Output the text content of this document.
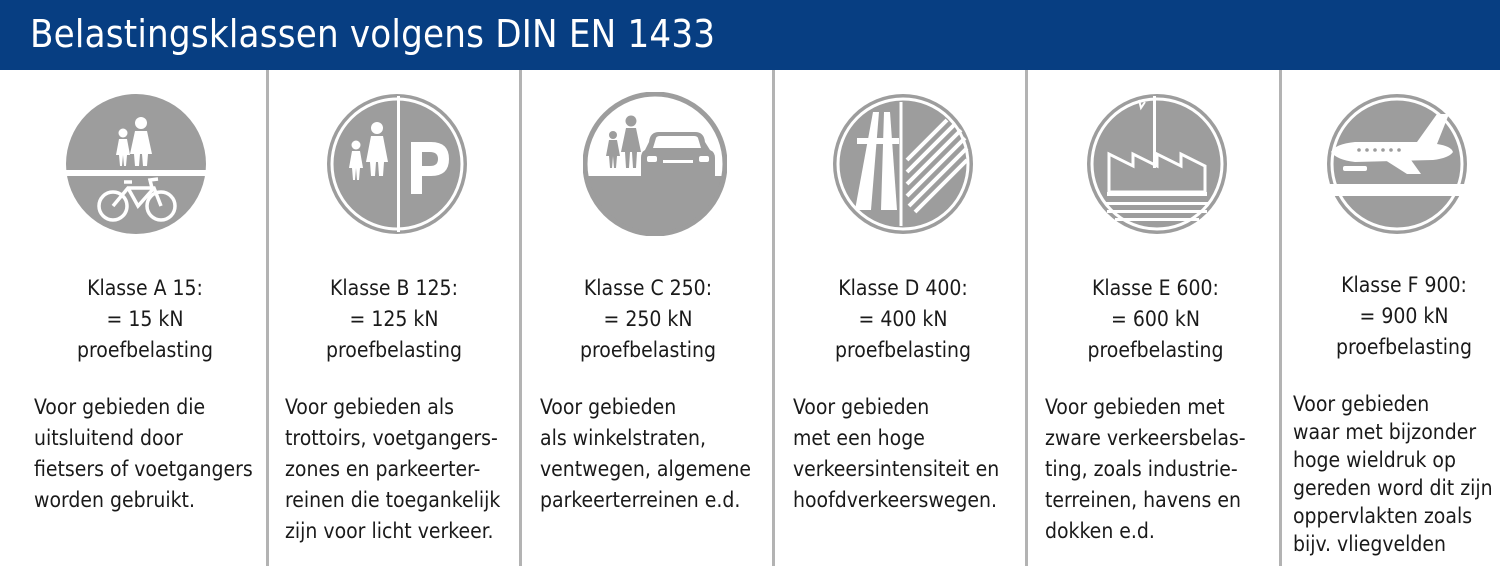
Belastingsklassen volgens DIN EN 1433
Klasse A 15:
= 15 kN
proefbelasting
Voor gebieden die
uitsluitend door
fietsers of voetgangers
worden gebruikt.
Klasse B 125:
= 125 kN
proefbelasting
Voor gebieden als
trottoirs, voetgangers-
zones en parkeerter-
reinen die toegankelijk
zijn voor licht verkeer.
Klasse C 250:
= 250 kN
proefbelasting
Voor gebieden
als winkelstraten,
ventwegen, algemene
parkeerterreinen e.d.
Klasse D 400:
= 400 kN
proefbelasting
Voor gebieden
met een hoge
verkeersintensiteit en
hoofdverkeerswegen.
Klasse E 600:
= 600 kN
proefbelasting
Voor gebieden met
zware verkeersbelas-
ting, zoals industrie-
terreinen, havens en
dokken e.d.
Klasse F 900:
= 900 kN
proefbelasting
Voor gebieden
waar met bijzonder
hoge wieldruk op
gereden word dit zijn
oppervlakten zoals
bijv. vliegvelden
